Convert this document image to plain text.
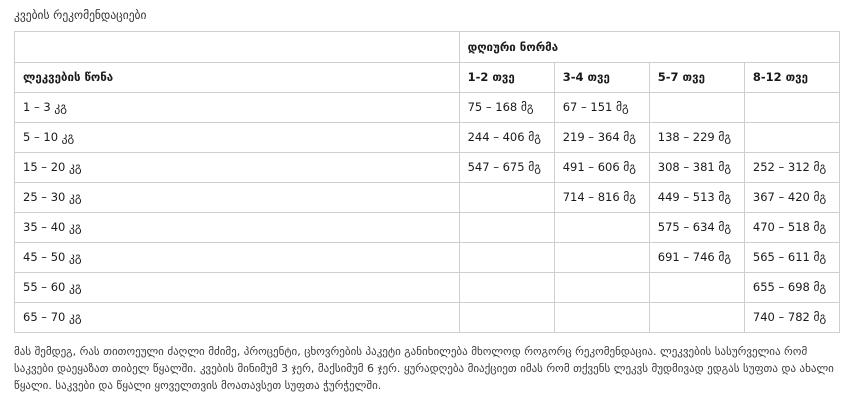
კვების რეკომენდაციები
	დღიური ნორმა			
ლეკვების წონა	1-2 თვე	3-4 თვე	5-7 თვე	8-12 თვე
1 – 3 კგ	75 – 168 მგ	67 – 151 მგ		
5 – 10 კგ	244 – 406 მგ	219 – 364 მგ	138 – 229 მგ	
15 – 20 კგ	547 – 675 მგ	491 – 606 მგ	308 – 381 მგ	252 – 312 მგ
25 – 30 კგ		714 – 816 მგ	449 – 513 მგ	367 – 420 მგ
35 – 40 კგ			575 – 634 მგ	470 – 518 მგ
45 – 50 კგ			691 – 746 მგ	565 – 611 მგ
55 – 60 კგ				655 – 698 მგ
65 – 70 კგ				740 – 782 მგ
მას შემდეგ, რას თითოეული ძაღლი მძიმე, პროცენტი, ცხოვრების პაკეტი განიხილება მხოლოდ როგორც რეკომენდაცია. ლეკვების სასურველია რომ საკვები დაეყაზათ თიბელ წყალში. კვების მინიმუმ 3 ჯერ, მაქსიმუმ 6 ჯერ. ყურადღება მიაქციეთ იმას რომ თქვენს ლეკვს მუდმივად ედგას სუფთა და ახალი წყალი. საკვები და წყალი ყოველთვის მოათავსეთ სუფთა ჭურჭელში.
